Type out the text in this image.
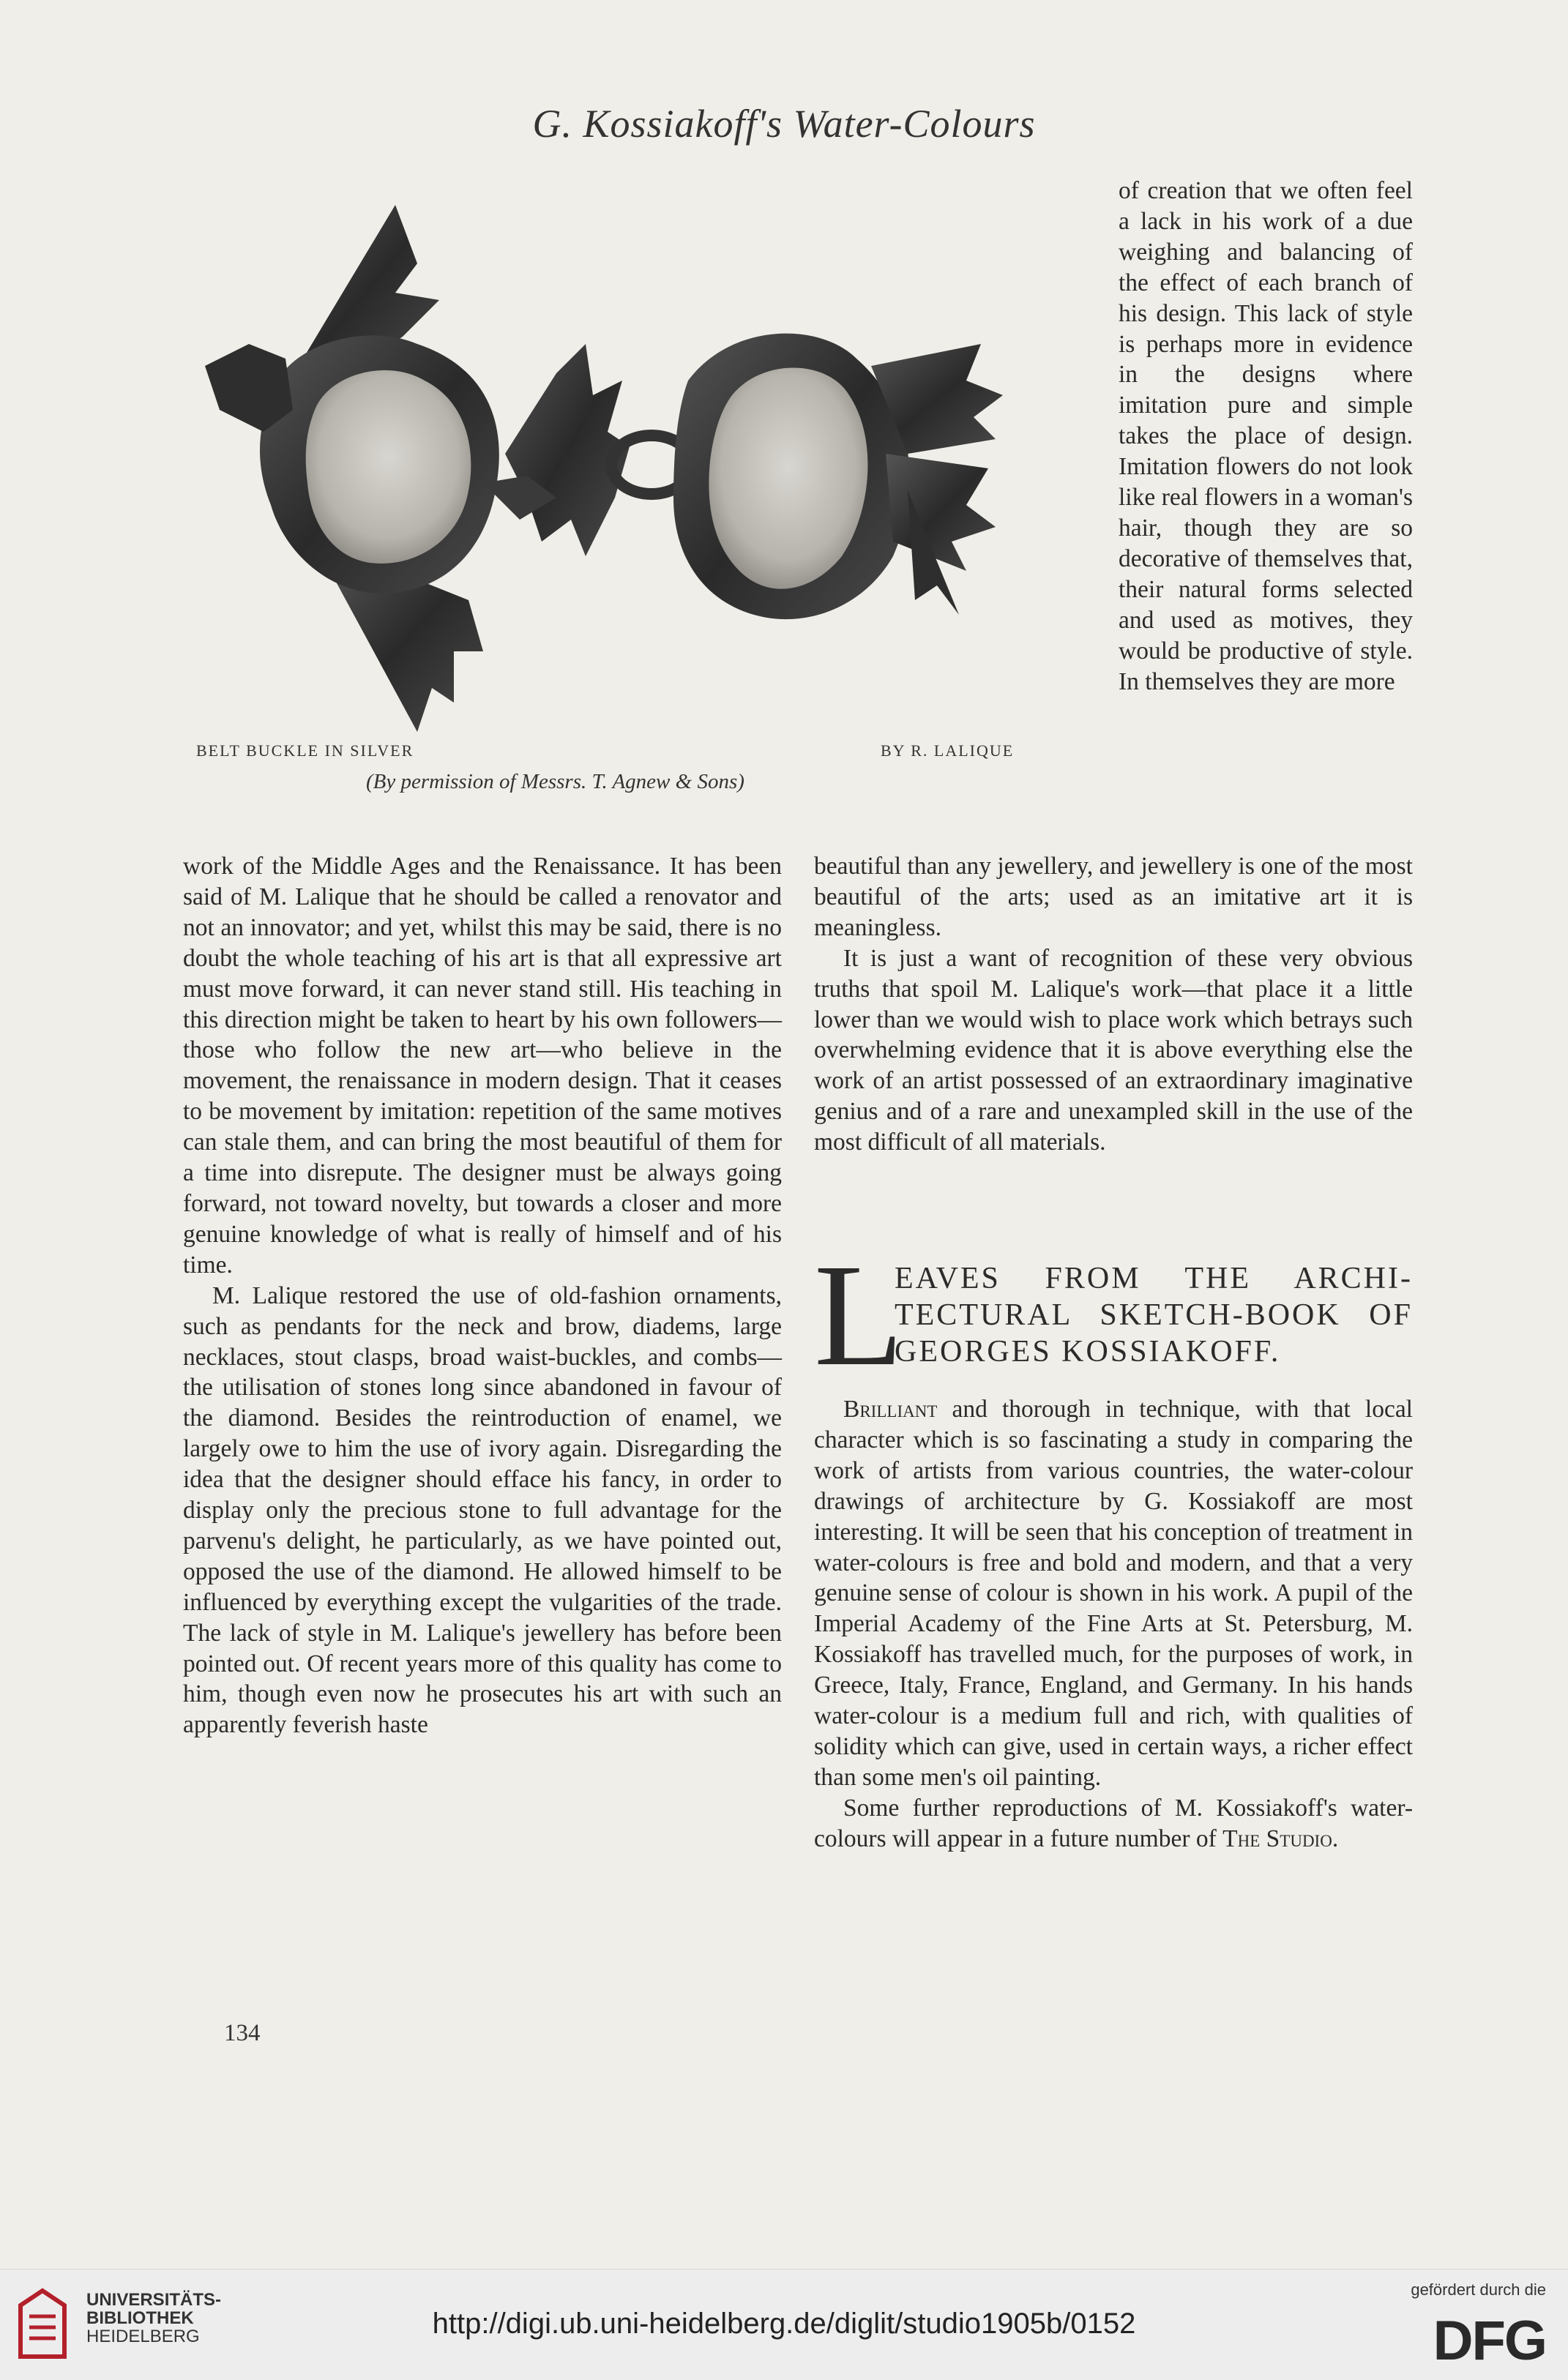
G. Kossiakoff's Water-Colours
BELT BUCKLE IN SILVER	BY R. LALIQUE
(By permission of Messrs. T. Agnew & Sons)

of creation that we often feel a lack in his work of a due weighing and balancing of the effect of each branch of his design. This lack of style is perhaps more in evidence in the designs where imitation pure and simple takes the place of design. Imitation flowers do not look like real flowers in a woman's hair, though they are so decorative of themselves that, their natural forms selected and used as motives, they would be productive of style. In themselves they are more

work of the Middle Ages and the Renaissance. It has been said of M. Lalique that he should be called a renovator and not an innovator; and yet, whilst this may be said, there is no doubt the whole teaching of his art is that all expressive art must move forward, it can never stand still. His teaching in this direction might be taken to heart by his own followers—those who follow the new art—who believe in the movement, the renaissance in modern design. That it ceases to be movement by imitation: repetition of the same motives can stale them, and can bring the most beautiful of them for a time into disrepute. The designer must be always going forward, not toward novelty, but towards a closer and more genuine knowledge of what is really of himself and of his time.

M. Lalique restored the use of old-fashion ornaments, such as pendants for the neck and brow, diadems, large necklaces, stout clasps, broad waist-buckles, and combs—the utilisation of stones long since abandoned in favour of the diamond. Besides the reintroduction of enamel, we largely owe to him the use of ivory again. Disregarding the idea that the designer should efface his fancy, in order to display only the precious stone to full advantage for the parvenu's delight, he particularly, as we have pointed out, opposed the use of the diamond. He allowed himself to be influenced by everything except the vulgarities of the trade. The lack of style in M. Lalique's jewellery has before been pointed out. Of recent years more of this quality has come to him, though even now he prosecutes his art with such an apparently feverish haste

beautiful than any jewellery, and jewellery is one of the most beautiful of the arts; used as an imitative art it is meaningless.

It is just a want of recognition of these very obvious truths that spoil M. Lalique's work—that place it a little lower than we would wish to place work which betrays such overwhelming evidence that it is above everything else the work of an artist possessed of an extraordinary imaginative genius and of a rare and unexampled skill in the use of the most difficult of all materials.

L
EAVES FROM THE ARCHI-
TECTURAL SKETCH-BOOK OF
GEORGES KOSSIAKOFF.

Brilliant and thorough in technique, with that local character which is so fascinating a study in comparing the work of artists from various countries, the water-colour drawings of architecture by G. Kossiakoff are most interesting. It will be seen that his conception of treatment in water-colours is free and bold and modern, and that a very genuine sense of colour is shown in his work. A pupil of the Imperial Academy of the Fine Arts at St. Petersburg, M. Kossiakoff has travelled much, for the purposes of work, in Greece, Italy, France, England, and Germany. In his hands water-colour is a medium full and rich, with qualities of solidity which can give, used in certain ways, a richer effect than some men's oil painting.

Some further reproductions of M. Kossiakoff's water-colours will appear in a future number of The Studio.

134
UNIVERSITÄTS-
BIBLIOTHEK
HEIDELBERG	http://digi.ub.uni-heidelberg.de/diglit/studio1905b/0152
gefördert durch die
DFG
